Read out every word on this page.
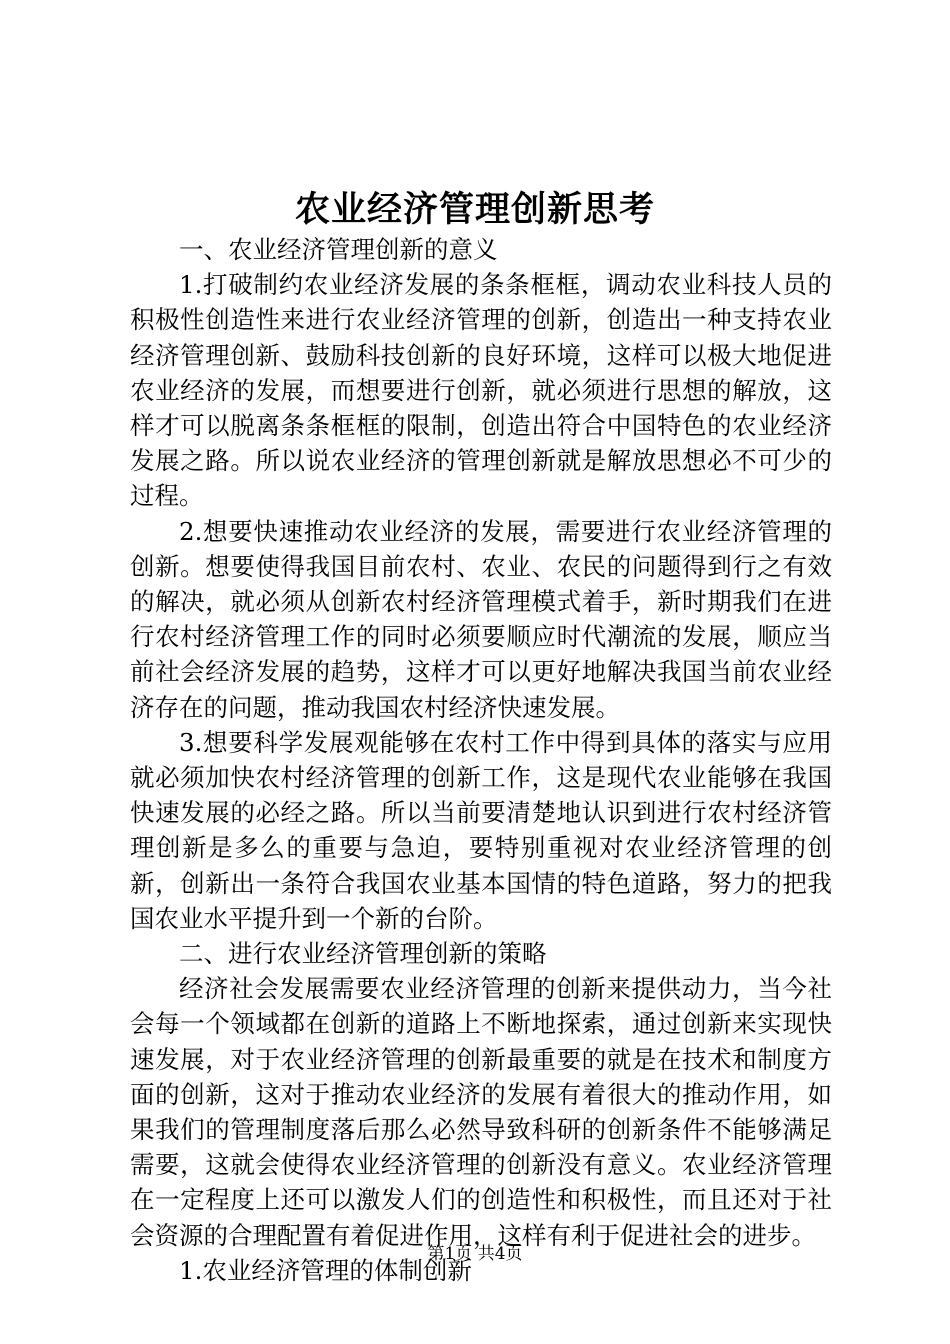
农业经济管理创新思考

一、农业经济管理创新的意义

1.打破制约农业经济发展的条条框框，调动农业科技人员的积极性创造性来进行农业经济管理的创新，创造出一种支持农业经济管理创新、鼓励科技创新的良好环境，这样可以极大地促进农业经济的发展，而想要进行创新，就必须进行思想的解放，这样才可以脱离条条框框的限制，创造出符合中国特色的农业经济发展之路。所以说农业经济的管理创新就是解放思想必不可少的过程。

2.想要快速推动农业经济的发展，需要进行农业经济管理的创新。想要使得我国目前农村、农业、农民的问题得到行之有效的解决，就必须从创新农村经济管理模式着手，新时期我们在进行农村经济管理工作的同时必须要顺应时代潮流的发展，顺应当前社会经济发展的趋势，这样才可以更好地解决我国当前农业经济存在的问题，推动我国农村经济快速发展。

3.想要科学发展观能够在农村工作中得到具体的落实与应用就必须加快农村经济管理的创新工作，这是现代农业能够在我国快速发展的必经之路。所以当前要清楚地认识到进行农村经济管理创新是多么的重要与急迫，要特别重视对农业经济管理的创新，创新出一条符合我国农业基本国情的特色道路，努力的把我国农业水平提升到一个新的台阶。

二、进行农业经济管理创新的策略

经济社会发展需要农业经济管理的创新来提供动力，当今社会每一个领域都在创新的道路上不断地探索，通过创新来实现快速发展，对于农业经济管理的创新最重要的就是在技术和制度方面的创新，这对于推动农业经济的发展有着很大的推动作用，如果我们的管理制度落后那么必然导致科研的创新条件不能够满足需要，这就会使得农业经济管理的创新没有意义。农业经济管理在一定程度上还可以激发人们的创造性和积极性，而且还对于社会资源的合理配置有着促进作用，这样有利于促进社会的进步。

1.农业经济管理的体制创新

第1页 共4页
